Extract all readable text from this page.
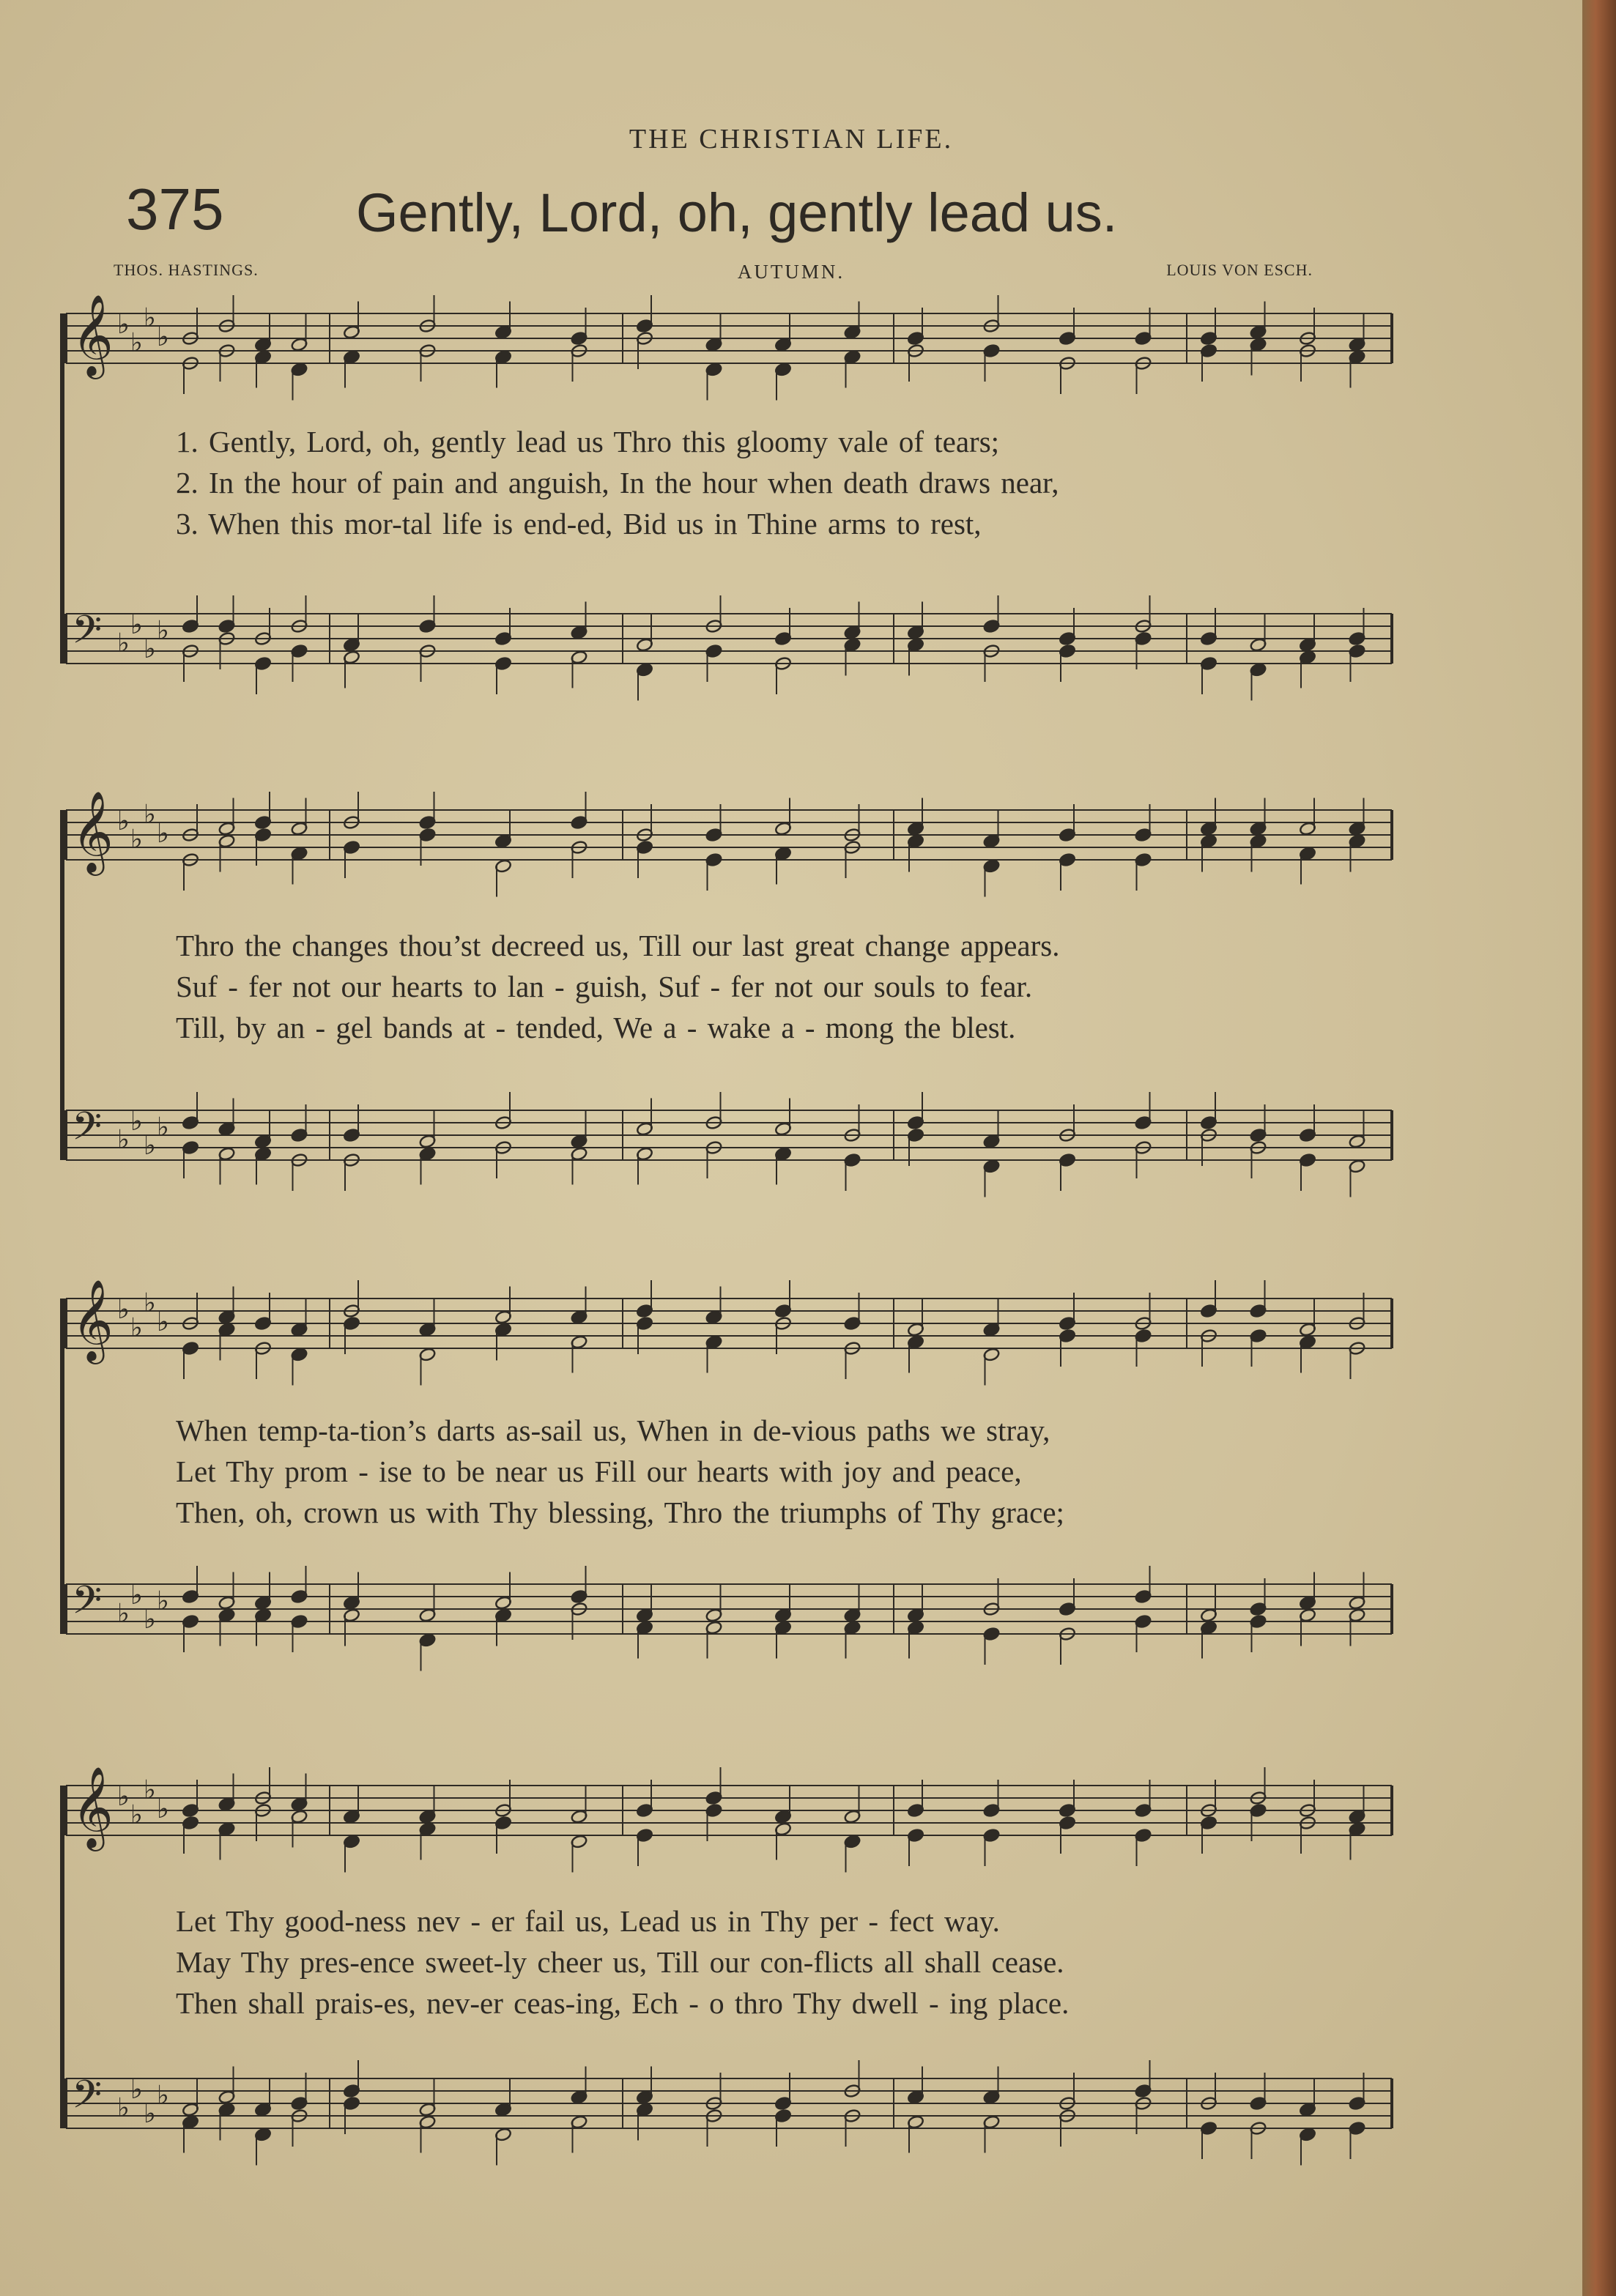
THE CHRISTIAN LIFE.
375 Gently, Lord, oh, gently lead us.
THOS. HASTINGS.	AUTUMN.	LOUIS VON ESCH.
𝄞 ♭
♭
♭
♭
1. Gently, Lord, oh, gently lead us Thro this gloomy vale of tears;
2. In the hour of pain and anguish, In the hour when death draws near,
3. When this mor-tal life is end-ed, Bid us in Thine arms to rest,
𝄢 ♭
♭
♭
♭
𝄞 ♭
♭
♭
♭
Thro the changes thou’st decreed us, Till our last great change appears.
Suf - fer not our hearts to lan - guish, Suf - fer not our souls to fear.
Till, by an - gel bands at - tended, We a - wake a - mong the blest.
𝄢 ♭
♭
♭
♭
𝄞 ♭
♭
♭
♭
When temp-ta-tion’s darts as-sail us, When in de-vious paths we stray,
Let Thy prom - ise to be near us Fill our hearts with joy and peace,
Then, oh, crown us with Thy blessing, Thro the triumphs of Thy grace;
𝄢 ♭
♭
♭
♭
𝄞 ♭
♭
♭
♭
Let Thy good-ness nev - er fail us, Lead us in Thy per - fect way.
May Thy pres-ence sweet-ly cheer us, Till our con-flicts all shall cease.
Then shall prais-es, nev-er ceas-ing, Ech - o thro Thy dwell - ing place.
𝄢 ♭
♭
♭
♭
